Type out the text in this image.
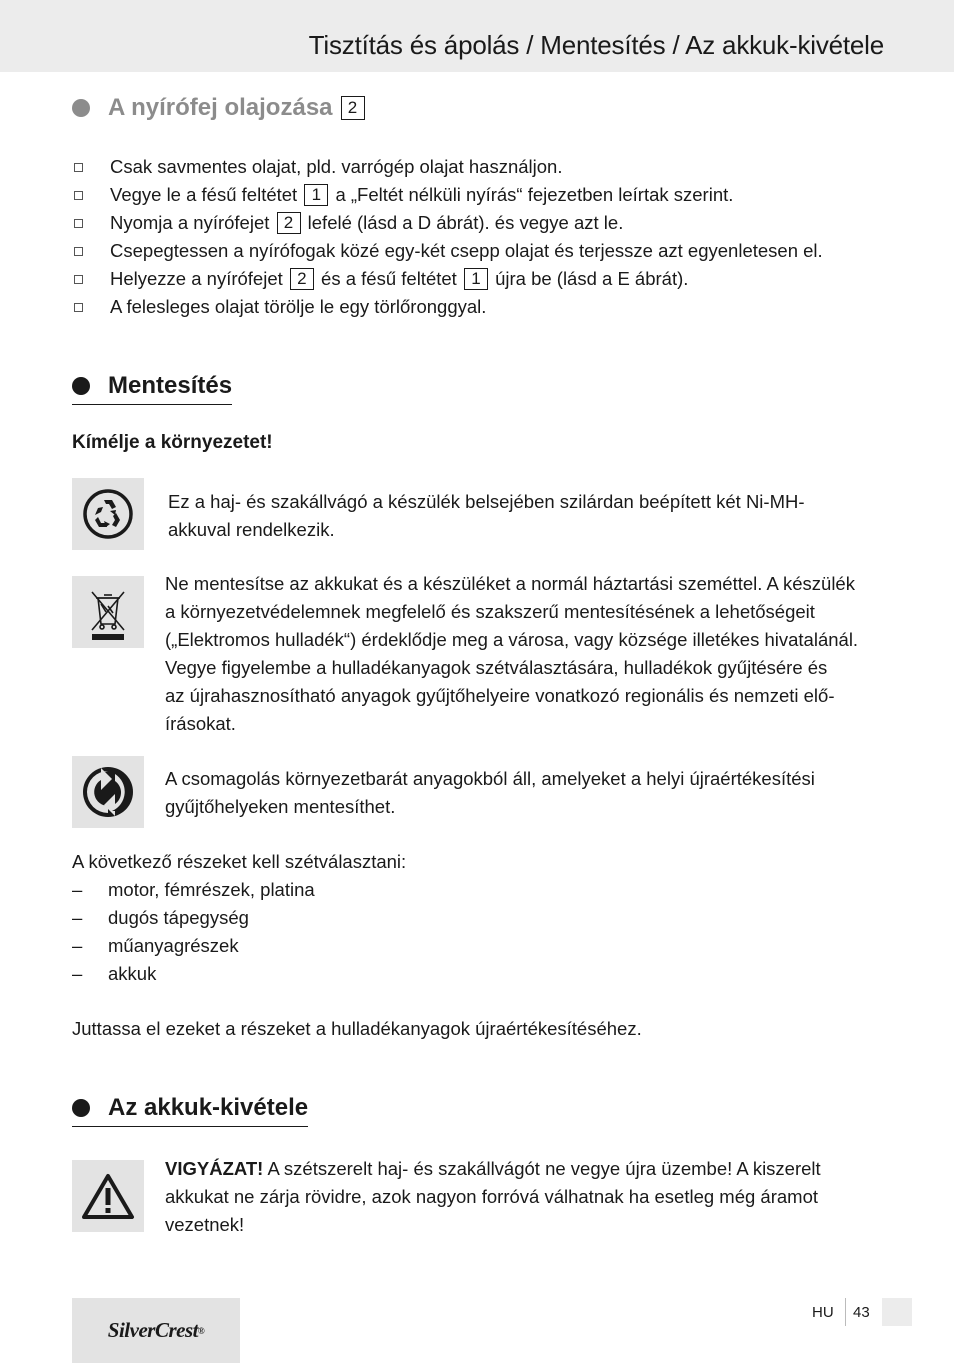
Tisztítás és ápolás / Mentesítés / Az akkuk-kivétele
A nyírófej olajozása 2
Csak savmentes olajat, pld. varrógép olajat használjon.
Vegye le a fésű feltétet 1 a „Feltét nélküli nyírás“ fejezetben leírtak szerint.
Nyomja a nyírófejet 2 lefelé (lásd a D ábrát). és vegye azt le.
Csepegtessen a nyírófogak közé egy-két csepp olajat és terjessze azt egyenletesen el.
Helyezze a nyírófejet 2 és a fésű feltétet 1 újra be (lásd a E ábrát).
A felesleges olajat törölje le egy törlőronggyal.
Mentesítés
Kímélje a környezetet!
Ez a haj- és szakállvágó a készülék belsejében szilárdan beépített két Ni-MH-
akkuval rendelkezik.
Ne mentesítse az akkukat és a készüléket a normál háztartási szeméttel. A készülék
a környezetvédelemnek megfelelő és szakszerű mentesítésének a lehetőségeit
(„Elektromos hulladék“) érdeklődje meg a városa, vagy községe illetékes hivatalánál.
Vegye figyelembe a hulladékanyagok szétválasztására, hulladékok gyűjtésére és
az újrahasznosítható anyagok gyűjtőhelyeire vonatkozó regionális és nemzeti elő-
írásokat.
A csomagolás környezetbarát anyagokból áll, amelyeket a helyi újraértékesítési
gyűjtőhelyeken mentesíthet.
A következő részeket kell szétválasztani:
–	motor, fémrészek, platina
–	dugós tápegység
–	műanyagrészek
–	akkuk
Juttassa el ezeket a részeket a hulladékanyagok újraértékesítéséhez.
Az akkuk-kivétele
VIGYÁZAT! A szétszerelt haj- és szakállvágót ne vegye újra üzembe! A kiszerelt
akkukat ne zárja rövidre, azok nagyon forróvá válhatnak ha esetleg még áramot
vezetnek!
SilverCrest ®
HU 43
